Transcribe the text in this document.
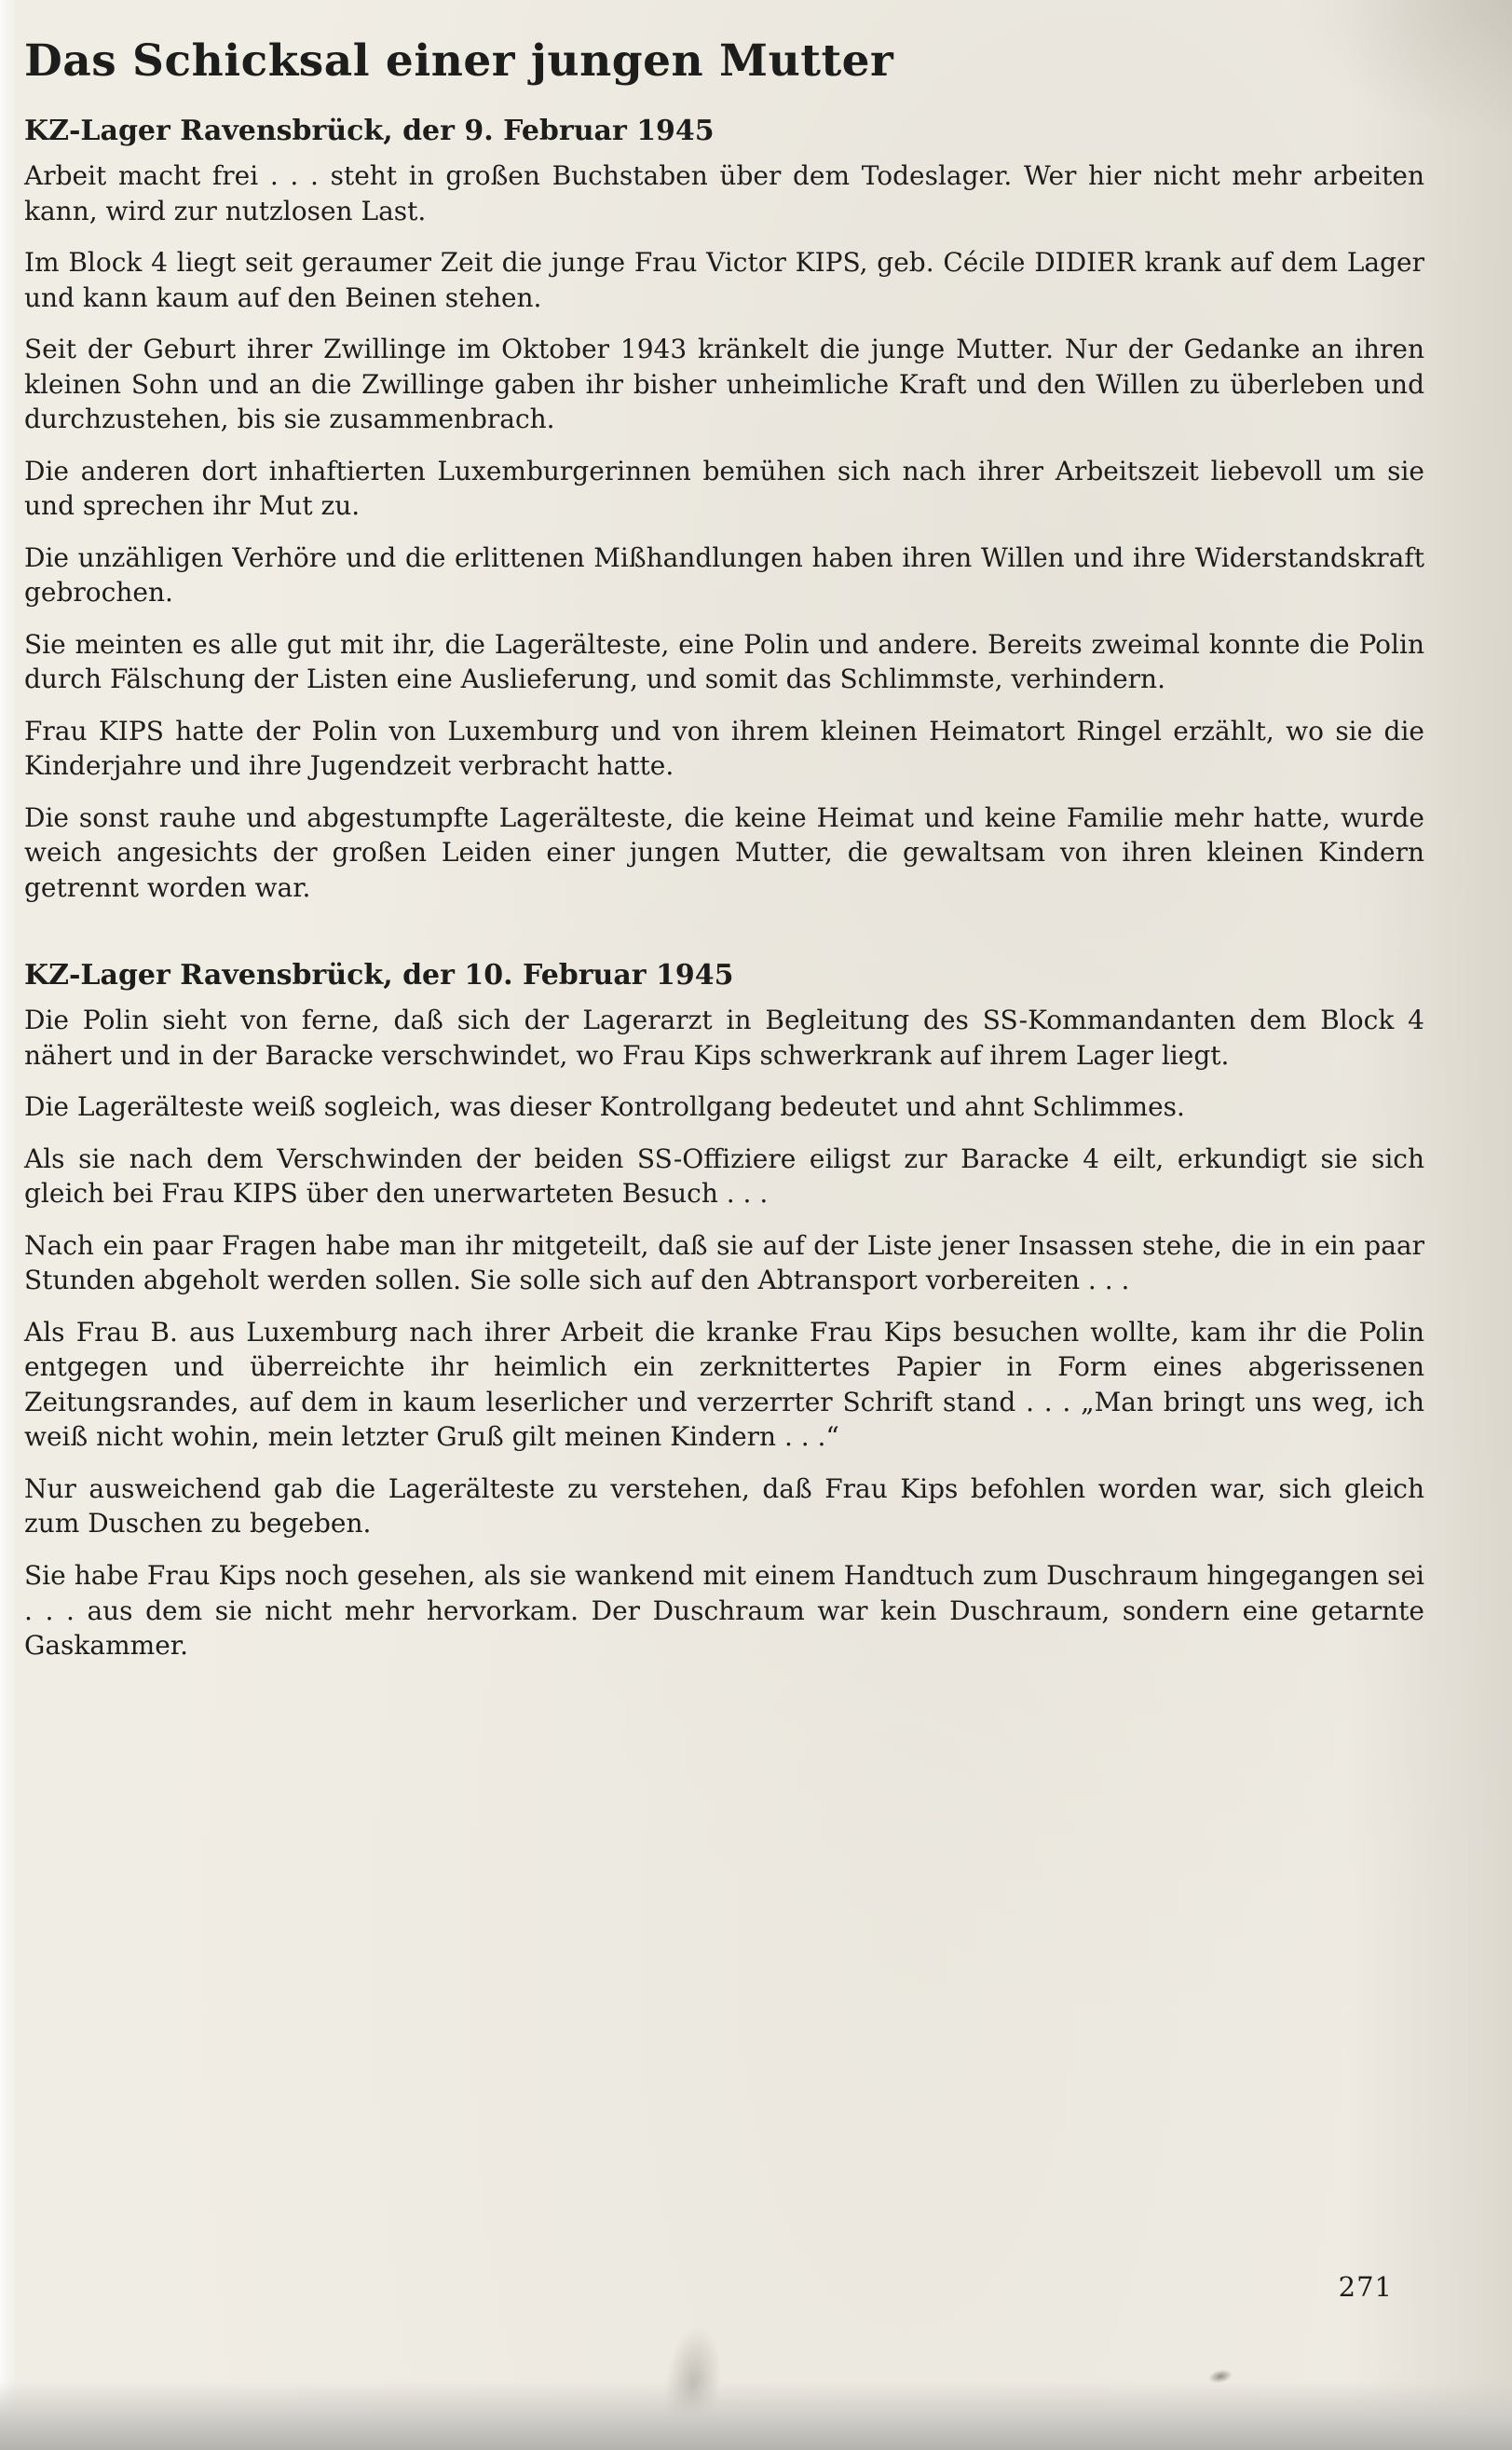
Das Schicksal einer jungen Mutter
KZ-Lager Ravensbrück, der 9. Februar 1945

Arbeit macht frei . . . steht in großen Buchstaben über dem Todeslager. Wer hier nicht mehr arbeiten kann, wird zur nutzlosen Last.

Im Block 4 liegt seit geraumer Zeit die junge Frau Victor KIPS, geb. Cécile DIDIER krank auf dem Lager und kann kaum auf den Beinen stehen.

Seit der Geburt ihrer Zwillinge im Oktober 1943 kränkelt die junge Mutter. Nur der Gedanke an ihren kleinen Sohn und an die Zwillinge gaben ihr bisher unheimliche Kraft und den Willen zu überleben und durchzustehen, bis sie zusammenbrach.

Die anderen dort inhaftierten Luxemburgerinnen bemühen sich nach ihrer Arbeitszeit liebevoll um sie und sprechen ihr Mut zu.

Die unzähligen Verhöre und die erlittenen Mißhandlungen haben ihren Willen und ihre Widerstandskraft gebrochen.

Sie meinten es alle gut mit ihr, die Lagerälteste, eine Polin und andere. Bereits zweimal konnte die Polin durch Fälschung der Listen eine Auslieferung, und somit das Schlimmste, verhindern.

Frau KIPS hatte der Polin von Luxemburg und von ihrem kleinen Heimatort Ringel erzählt, wo sie die Kinderjahre und ihre Jugendzeit verbracht hatte.

Die sonst rauhe und abgestumpfte Lagerälteste, die keine Heimat und keine Familie mehr hatte, wurde weich angesichts der großen Leiden einer jungen Mutter, die gewaltsam von ihren kleinen Kindern getrennt worden war.

KZ-Lager Ravensbrück, der 10. Februar 1945

Die Polin sieht von ferne, daß sich der Lagerarzt in Begleitung des SS-Kommandanten dem Block 4 nähert und in der Baracke verschwindet, wo Frau Kips schwerkrank auf ihrem Lager liegt.

Die Lagerälteste weiß sogleich, was dieser Kontrollgang bedeutet und ahnt Schlimmes.

Als sie nach dem Verschwinden der beiden SS-Offiziere eiligst zur Baracke 4 eilt, erkundigt sie sich gleich bei Frau KIPS über den unerwarteten Besuch . . .

Nach ein paar Fragen habe man ihr mitgeteilt, daß sie auf der Liste jener Insassen stehe, die in ein paar Stunden abgeholt werden sollen. Sie solle sich auf den Abtransport vorbereiten . . .

Als Frau B. aus Luxemburg nach ihrer Arbeit die kranke Frau Kips besuchen wollte, kam ihr die Polin entgegen und überreichte ihr heimlich ein zerknittertes Papier in Form eines abgerissenen Zeitungsrandes, auf dem in kaum leserlicher und verzerrter Schrift stand . . . „Man bringt uns weg, ich weiß nicht wohin, mein letzter Gruß gilt meinen Kindern . . .“

Nur ausweichend gab die Lagerälteste zu verstehen, daß Frau Kips befohlen worden war, sich gleich zum Duschen zu begeben.

Sie habe Frau Kips noch gesehen, als sie wankend mit einem Handtuch zum Duschraum hingegangen sei . . . aus dem sie nicht mehr hervorkam. Der Duschraum war kein Duschraum, sondern eine getarnte Gaskammer.

271
